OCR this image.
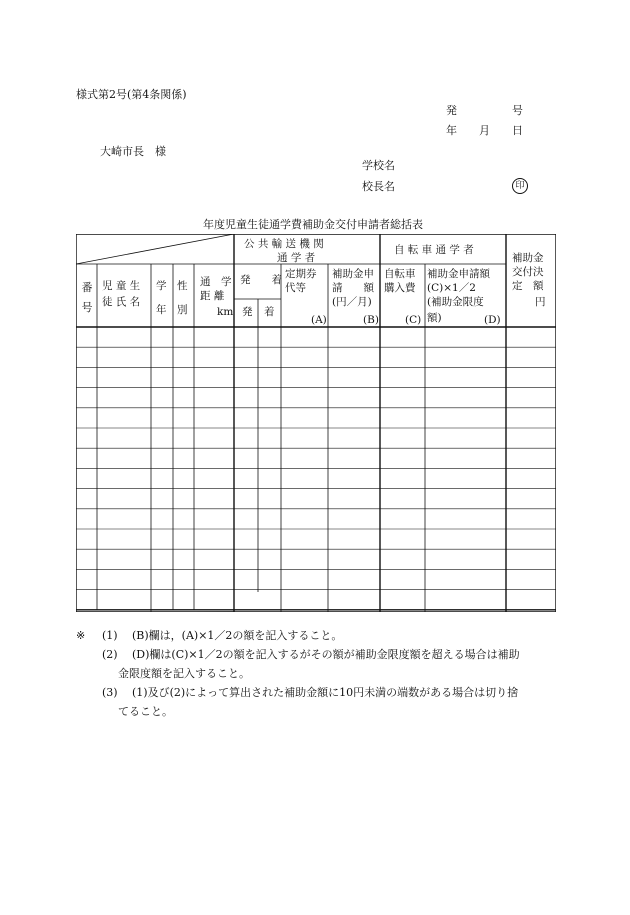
様式第2号(第4条関係)
発　　　　　号
年　　月　　日
大崎市長　様
学校名
校長名	印
年度児童生徒通学費補助金交付申請者総括表
番号
児 童 生
徒 氏 名
学
年
性
別
通　学
距 離
km
公 共 輸 送 機 関
通 学 者
発　　着
発 着
定期券
代等
(A)
補助金申
請　　額
(円／月)
(B)
自 転 車 通 学 者
自転車
購入費
(C)
補助金申請額
(C)×1／2
(補助金限度
額)	(D)
補助金
交付決
定　額
円
※ (1) (B)欄は，(A)×1／2の額を記入すること。
(2) (D)欄は(C)×1／2の額を記入するがその額が補助金限度額を超える場合は補助
金限度額を記入すること。
(3) (1)及び(2)によって算出された補助金額に10円未満の端数がある場合は切り捨
てること。
